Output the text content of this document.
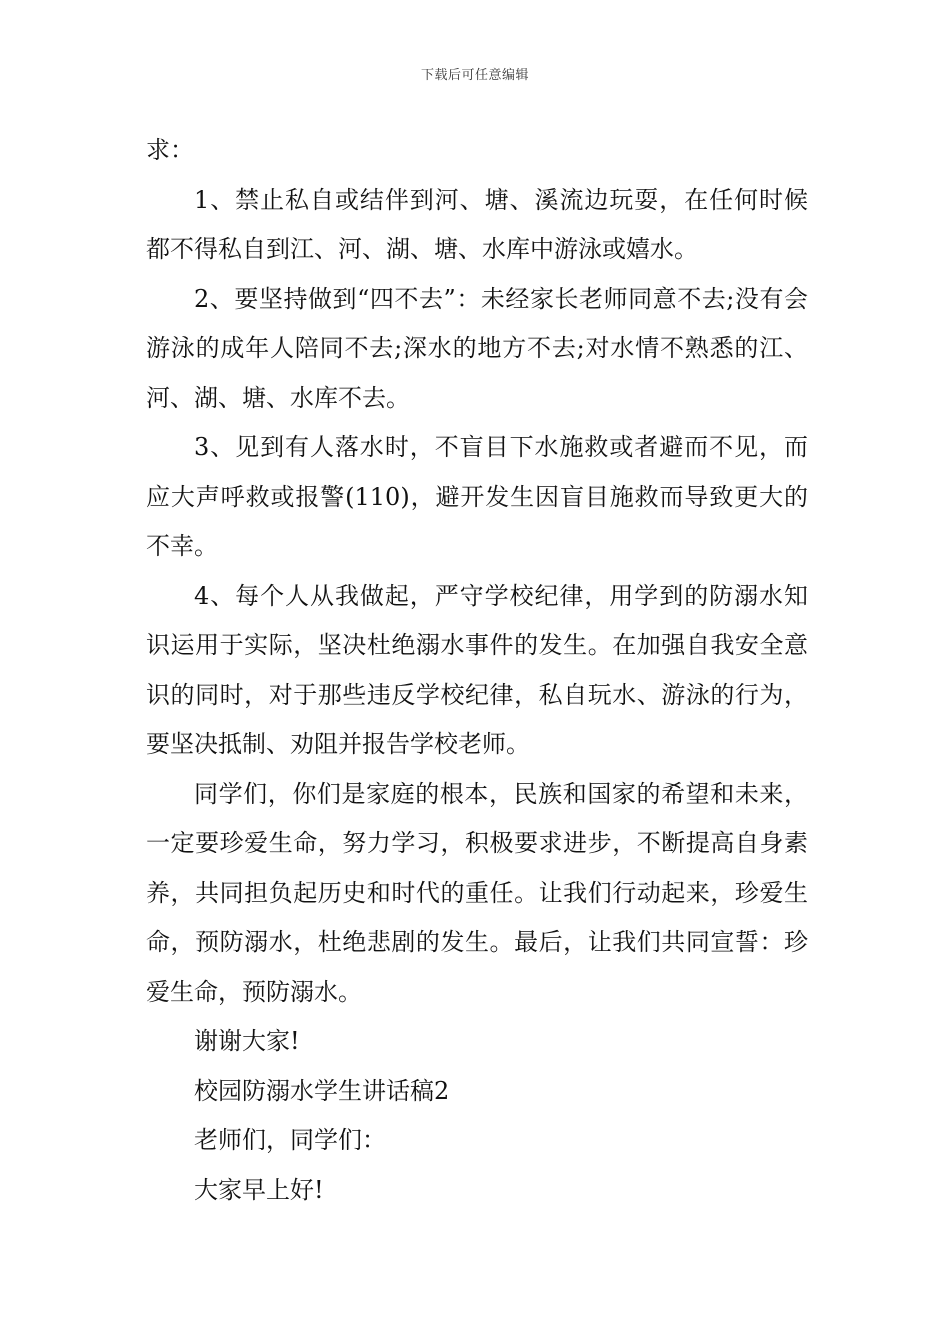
下载后可任意编辑

求：

1、禁止私自或结伴到河、塘、溪流边玩耍，在任何时候都不得私自到江、河、湖、塘、水库中游泳或嬉水。

2、要坚持做到“四不去”：未经家长老师同意不去;没有会游泳的成年人陪同不去;深水的地方不去;对水情不熟悉的江、河、湖、塘、水库不去。

3、见到有人落水时，不盲目下水施救或者避而不见，而应大声呼救或报警(110)，避开发生因盲目施救而导致更大的不幸。

4、每个人从我做起，严守学校纪律，用学到的防溺水知识运用于实际，坚决杜绝溺水事件的发生。在加强自我安全意识的同时，对于那些违反学校纪律，私自玩水、游泳的行为，要坚决抵制、劝阻并报告学校老师。

同学们，你们是家庭的根本，民族和国家的希望和未来，一定要珍爱生命，努力学习，积极要求进步，不断提高自身素养，共同担负起历史和时代的重任。让我们行动起来，珍爱生命，预防溺水，杜绝悲剧的发生。最后，让我们共同宣誓：珍爱生命，预防溺水。

谢谢大家!

校园防溺水学生讲话稿2

老师们，同学们：

大家早上好!
